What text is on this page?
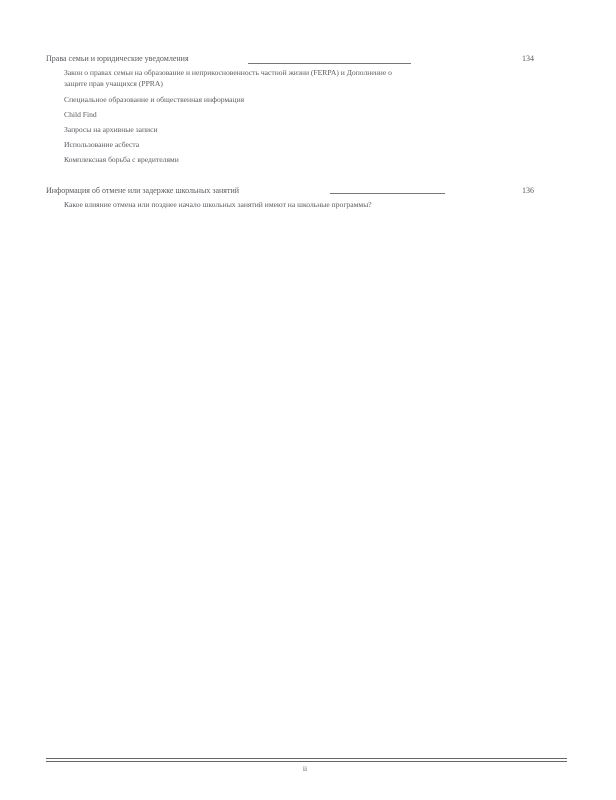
Права семьи и юридические уведомления	134
Закон о правах семьи на образование и неприкосновенность частной жизни (FERPA) и Дополнение о защите прав учащихся (PPRA)
Специальное образование и общественная информация
Child Find
Запросы на архивные записи
Использование асбеста
Комплексная борьба с вредителями
Информация об отмене или задержке школьных занятий	136
Какое влияние отмена или позднее начало школьных занятий имеют на школьные программы?
ii
